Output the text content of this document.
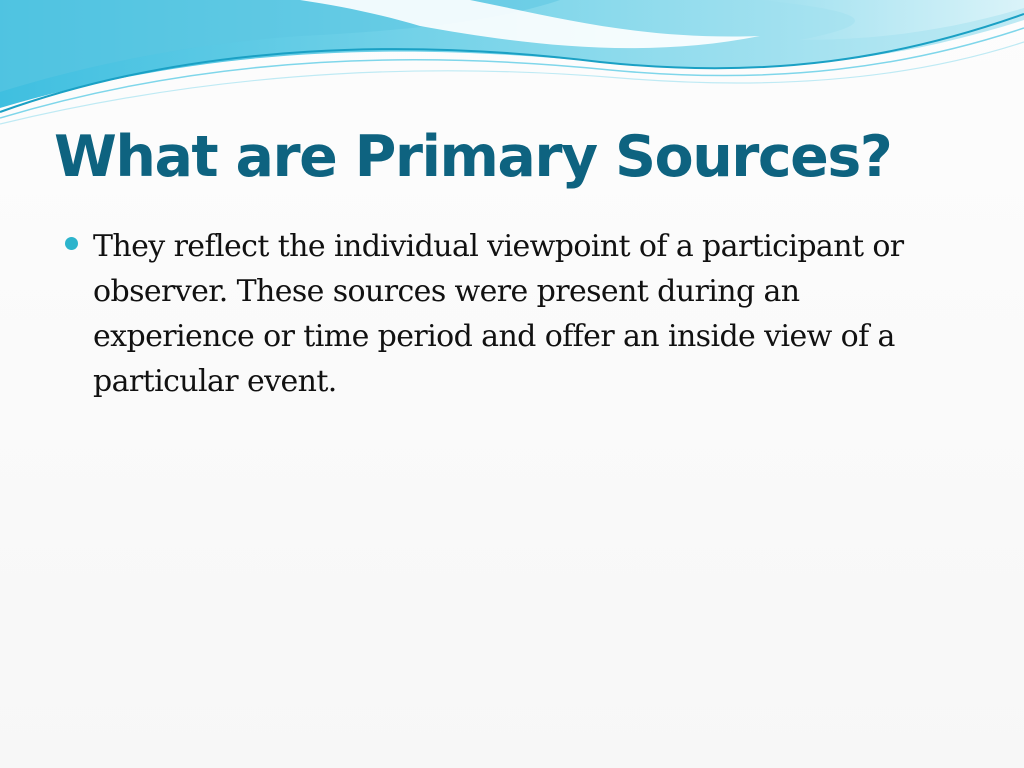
What are Primary Sources?
They reflect the individual viewpoint of a participant or observer. These sources were present during an experience or time period and offer an inside view of a particular event.
